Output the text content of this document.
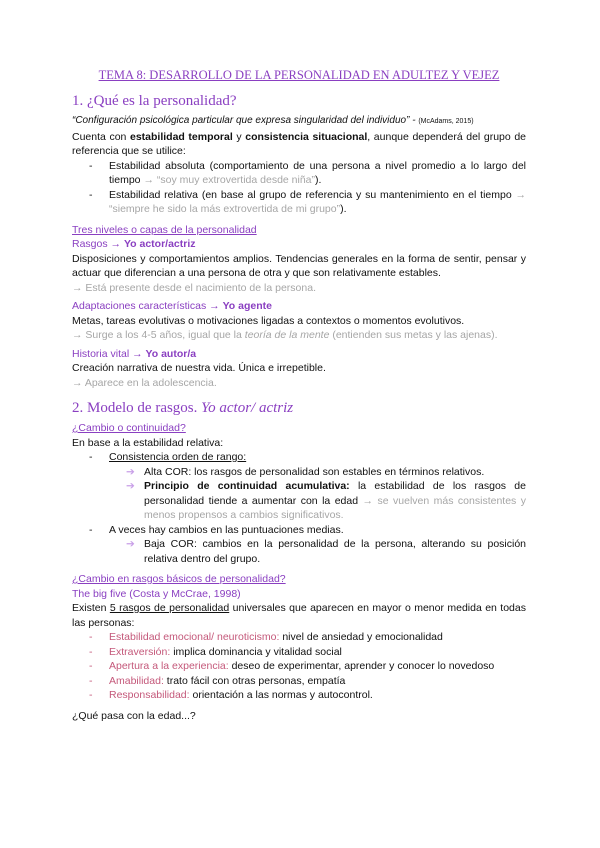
TEMA 8: DESARROLLO DE LA PERSONALIDAD EN ADULTEZ Y VEJEZ
1. ¿Qué es la personalidad?

“Configuración psicológica particular que expresa singularidad del individuo” - (McAdams, 2015)

Cuenta con estabilidad temporal y consistencia situacional, aunque dependerá del grupo de referencia que se utilice:

- Estabilidad absoluta (comportamiento de una persona a nivel promedio a lo largo del tiempo → “soy muy extrovertida desde niña”).
- Estabilidad relativa (en base al grupo de referencia y su mantenimiento en el tiempo → “siempre he sido la más extrovertida de mi grupo”).

Tres niveles o capas de la personalidad

Rasgos → Yo actor/actriz

Disposiciones y comportamientos amplios. Tendencias generales en la forma de sentir, pensar y actuar que diferencian a una persona de otra y que son relativamente estables.

→ Está presente desde el nacimiento de la persona.

Adaptaciones características → Yo agente

Metas, tareas evolutivas o motivaciones ligadas a contextos o momentos evolutivos.

→ Surge a los 4-5 años, igual que la teoría de la mente (entienden sus metas y las ajenas).

Historia vital → Yo autor/a

Creación narrativa de nuestra vida. Única e irrepetible.

→ Aparece en la adolescencia.

2. Modelo de rasgos. Yo actor/ actriz

¿Cambio o continuidad?

En base a la estabilidad relativa:

- Consistencia orden de rango:
➔ Alta COR: los rasgos de personalidad son estables en términos relativos.
➔ Principio de continuidad acumulativa: la estabilidad de los rasgos de personalidad tiende a aumentar con la edad → se vuelven más consistentes y menos propensos a cambios significativos.
- A veces hay cambios en las puntuaciones medias.
➔ Baja COR: cambios en la personalidad de la persona, alterando su posición relativa dentro del grupo.

¿Cambio en rasgos básicos de personalidad?

The big five (Costa y McCrae, 1998)

Existen 5 rasgos de personalidad universales que aparecen en mayor o menor medida en todas las personas:

- Estabilidad emocional/ neuroticismo: nivel de ansiedad y emocionalidad
- Extraversión: implica dominancia y vitalidad social
- Apertura a la experiencia: deseo de experimentar, aprender y conocer lo novedoso
- Amabilidad: trato fácil con otras personas, empatía
- Responsabilidad: orientación a las normas y autocontrol.

¿Qué pasa con la edad...?
